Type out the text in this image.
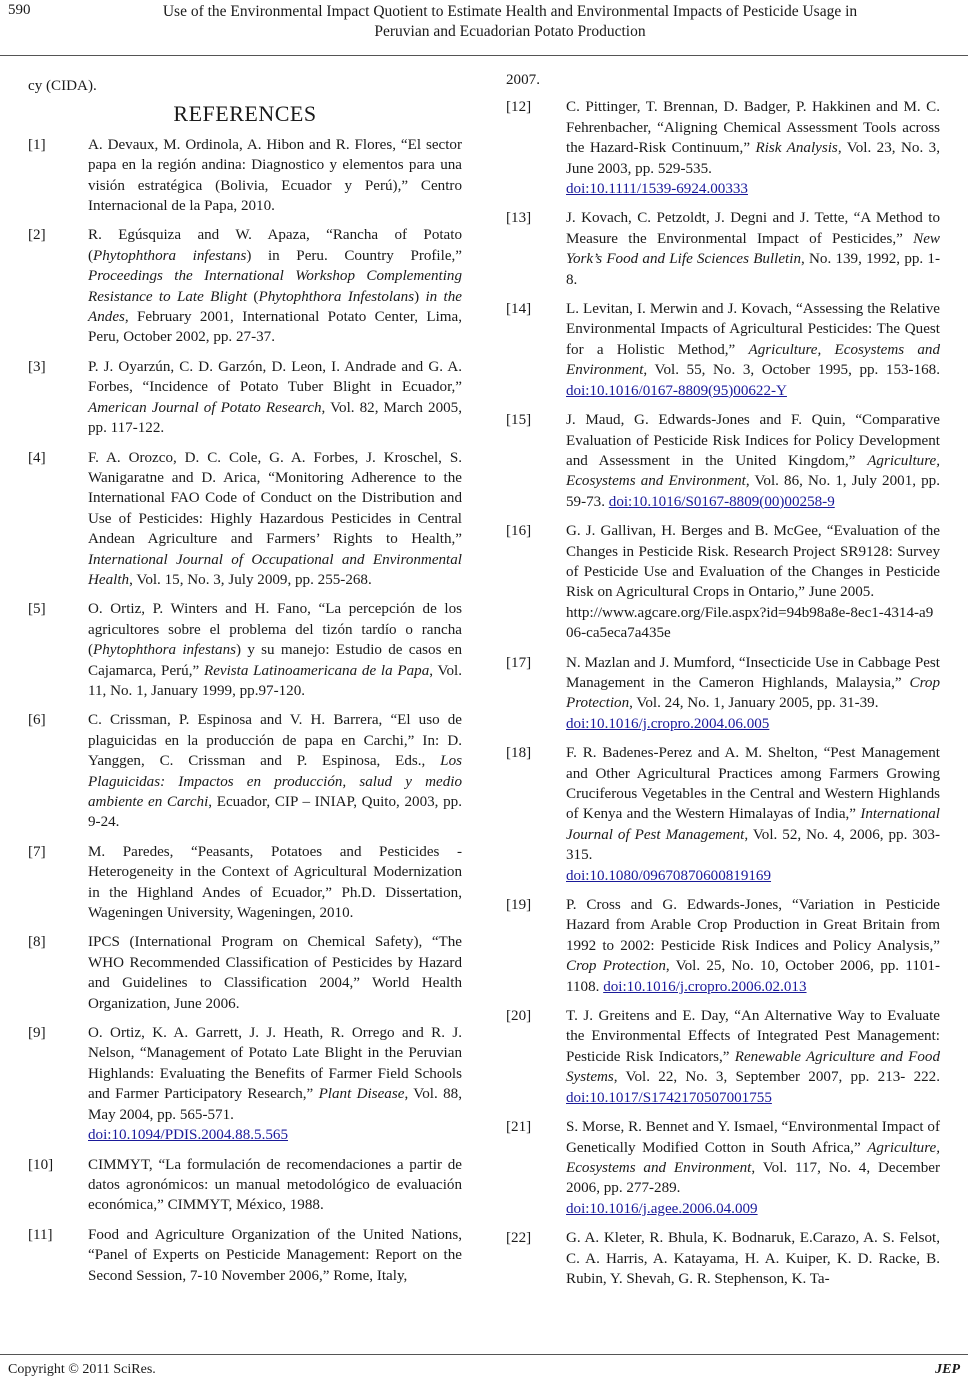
590	Use of the Environmental Impact Quotient to Estimate Health and Environmental Impacts of Pesticide Usage in
Peruvian and Ecuadorian Potato Production

cy (CIDA).

REFERENCES
[1]	A. Devaux, M. Ordinola, A. Hibon and R. Flores, “El sector papa en la región andina: Diagnostico y elementos para una visión estratégica (Bolivia, Ecuador y Perú),” Centro Internacional de la Papa, 2010.
[2]	R. Egúsquiza and W. Apaza, “Rancha of Potato (Phytophthora infestans) in Peru. Country Profile,” Proceedings the International Workshop Complementing Resistance to Late Blight (Phytophthora Infestolans) in the Andes, February 2001, International Potato Center, Lima, Peru, October 2002, pp. 27-37.
[3]	P. J. Oyarzún, C. D. Garzón, D. Leon, I. Andrade and G. A. Forbes, “Incidence of Potato Tuber Blight in Ecuador,” American Journal of Potato Research, Vol. 82, March 2005, pp. 117-122.
[4]	F. A. Orozco, D. C. Cole, G. A. Forbes, J. Kroschel, S. Wanigaratne and D. Arica, “Monitoring Adherence to the International FAO Code of Conduct on the Distribution and Use of Pesticides: Highly Hazardous Pesticides in Central Andean Agriculture and Farmers’ Rights to Health,” International Journal of Occupational and Environmental Health, Vol. 15, No. 3, July 2009, pp. 255-268.
[5]	O. Ortiz, P. Winters and H. Fano, “La percepción de los agricultores sobre el problema del tizón tardío o rancha (Phytophthora infestans) y su manejo: Estudio de casos en Cajamarca, Perú,” Revista Latinoamericana de la Papa, Vol. 11, No. 1, January 1999, pp.97-120.
[6]	C. Crissman, P. Espinosa and V. H. Barrera, “El uso de plaguicidas en la producción de papa en Carchi,” In: D. Yanggen, C. Crissman and P. Espinosa, Eds., Los Plaguicidas: Impactos en producción, salud y medio ambiente en Carchi, Ecuador, CIP – INIAP, Quito, 2003, pp. 9-24.
[7]	M. Paredes, “Peasants, Potatoes and Pesticides - Heterogeneity in the Context of Agricultural Modernization in the Highland Andes of Ecuador,” Ph.D. Dissertation, Wageningen University, Wageningen, 2010.
[8]	IPCS (International Program on Chemical Safety), “The WHO Recommended Classification of Pesticides by Hazard and Guidelines to Classification 2004,” World Health Organization, June 2006.
[9]	O. Ortiz, K. A. Garrett, J. J. Heath, R. Orrego and R. J. Nelson, “Management of Potato Late Blight in the Peruvian Highlands: Evaluating the Benefits of Farmer Field Schools and Farmer Participatory Research,” Plant Disease, Vol. 88, May 2004, pp. 565-571.
doi:10.1094/PDIS.2004.88.5.565
[10] CIMMYT, “La formulación de recomendaciones a partir de datos agronómicos: un manual metodológico de evaluación económica,” CIMMYT, México, 1988.
[11] Food and Agriculture Organization of the United Nations, “Panel of Experts on Pesticide Management: Report on the Second Session, 7-10 November 2006,” Rome, Italy,

2007.

[12] C. Pittinger, T. Brennan, D. Badger, P. Hakkinen and M. C. Fehrenbacher, “Aligning Chemical Assessment Tools across the Hazard-Risk Continuum,” Risk Analysis, Vol. 23, No. 3, June 2003, pp. 529-535.
doi:10.1111/1539-6924.00333
[13] J. Kovach, C. Petzoldt, J. Degni and J. Tette, “A Method to Measure the Environmental Impact of Pesticides,” New York’s Food and Life Sciences Bulletin, No. 139, 1992, pp. 1-8.
[14] L. Levitan, I. Merwin and J. Kovach, “Assessing the Relative Environmental Impacts of Agricultural Pesticides: The Quest for a Holistic Method,” Agriculture, Ecosystems and Environment, Vol. 55, No. 3, October 1995, pp. 153-168. doi:10.1016/0167-8809(95)00622-Y
[15] J. Maud, G. Edwards-Jones and F. Quin, “Comparative Evaluation of Pesticide Risk Indices for Policy Development and Assessment in the United Kingdom,” Agriculture, Ecosystems and Environment, Vol. 86, No. 1, July 2001, pp. 59-73. doi:10.1016/S0167-8809(00)00258-9
[16] G. J. Gallivan, H. Berges and B. McGee, “Evaluation of the Changes in Pesticide Risk. Research Project SR9128: Survey of Pesticide Use and Evaluation of the Changes in Pesticide Risk on Agricultural Crops in Ontario,” June 2005.
http://www.agcare.org/File.aspx?id=94b98a8e-8ec1-4314-a906-ca5eca7a435e
[17] N. Mazlan and J. Mumford, “Insecticide Use in Cabbage Pest Management in the Cameron Highlands, Malaysia,” Crop Protection, Vol. 24, No. 1, January 2005, pp. 31-39.
doi:10.1016/j.cropro.2004.06.005
[18] F. R. Badenes-Perez and A. M. Shelton, “Pest Management and Other Agricultural Practices among Farmers Growing Cruciferous Vegetables in the Central and Western Highlands of Kenya and the Western Himalayas of India,” International Journal of Pest Management, Vol. 52, No. 4, 2006, pp. 303-315.
doi:10.1080/09670870600819169
[19] P. Cross and G. Edwards-Jones, “Variation in Pesticide Hazard from Arable Crop Production in Great Britain from 1992 to 2002: Pesticide Risk Indices and Policy Analysis,” Crop Protection, Vol. 25, No. 10, October 2006, pp. 1101-1108. doi:10.1016/j.cropro.2006.02.013
[20] T. J. Greitens and E. Day, “An Alternative Way to Evaluate the Environmental Effects of Integrated Pest Management: Pesticide Risk Indicators,” Renewable Agriculture and Food Systems, Vol. 22, No. 3, September 2007, pp. 213- 222. doi:10.1017/S1742170507001755
[21] S. Morse, R. Bennet and Y. Ismael, “Environmental Impact of Genetically Modified Cotton in South Africa,” Agriculture, Ecosystems and Environment, Vol. 117, No. 4, December 2006, pp. 277-289.
doi:10.1016/j.agee.2006.04.009
[22] G. A. Kleter, R. Bhula, K. Bodnaruk, E.Carazo, A. S. Felsot, C. A. Harris, A. Katayama, H. A. Kuiper, K. D. Racke, B. Rubin, Y. Shevah, G. R. Stephenson, K. Ta-
Copyright © 2011 SciRes.	JEP
